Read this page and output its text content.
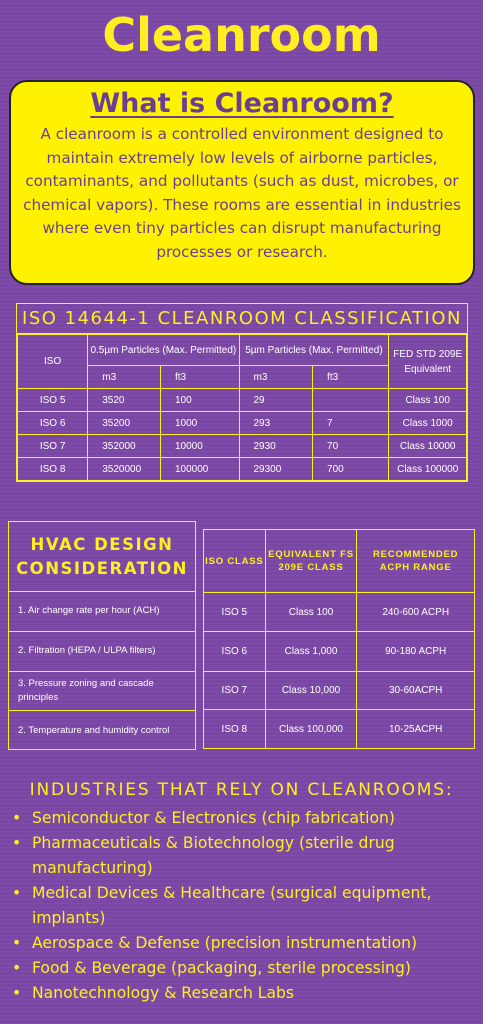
Cleanroom
What is Cleanroom?

A cleanroom is a controlled environment designed to maintain extremely low levels of airborne particles, contaminants, and pollutants (such as dust, microbes, or chemical vapors). These rooms are essential in industries where even tiny particles can disrupt manufacturing processes or research.

ISO 14644-1 CLEANROOM CLASSIFICATION
ISO	0.5µm Particles (Max. Permitted)		5µm Particles (Max. Permitted)		FED STD 209E Equivalent
	m3	ft3	m3	ft3	
ISO 5	3520	100	29		Class 100
ISO 6	35200	1000	293	7	Class 1000
ISO 7	352000	10000	2930	70	Class 10000
ISO 8	3520000	100000	29300	700	Class 100000
HVAC DESIGN CONSIDERATION
1. Air change rate per hour (ACH)
2. Filtration (HEPA / ULPA filters)
3. Pressure zoning and cascade principles
2. Temperature and humidity control
ISO CLASS	EQUIVALENT FS 209E CLASS	RECOMMENDED ACPH RANGE
ISO 5	Class 100	240-600 ACPH
ISO 6	Class 1,000	90-180 ACPH
ISO 7	Class 10,000	30-60ACPH
ISO 8	Class 100,000	10-25ACPH
INDUSTRIES THAT RELY ON CLEANROOMS:
• Semiconductor & Electronics (chip fabrication)
• Pharmaceuticals & Biotechnology (sterile drug manufacturing)
• Medical Devices & Healthcare (surgical equipment, implants)
• Aerospace & Defense (precision instrumentation)
• Food & Beverage (packaging, sterile processing)
• Nanotechnology & Research Labs
